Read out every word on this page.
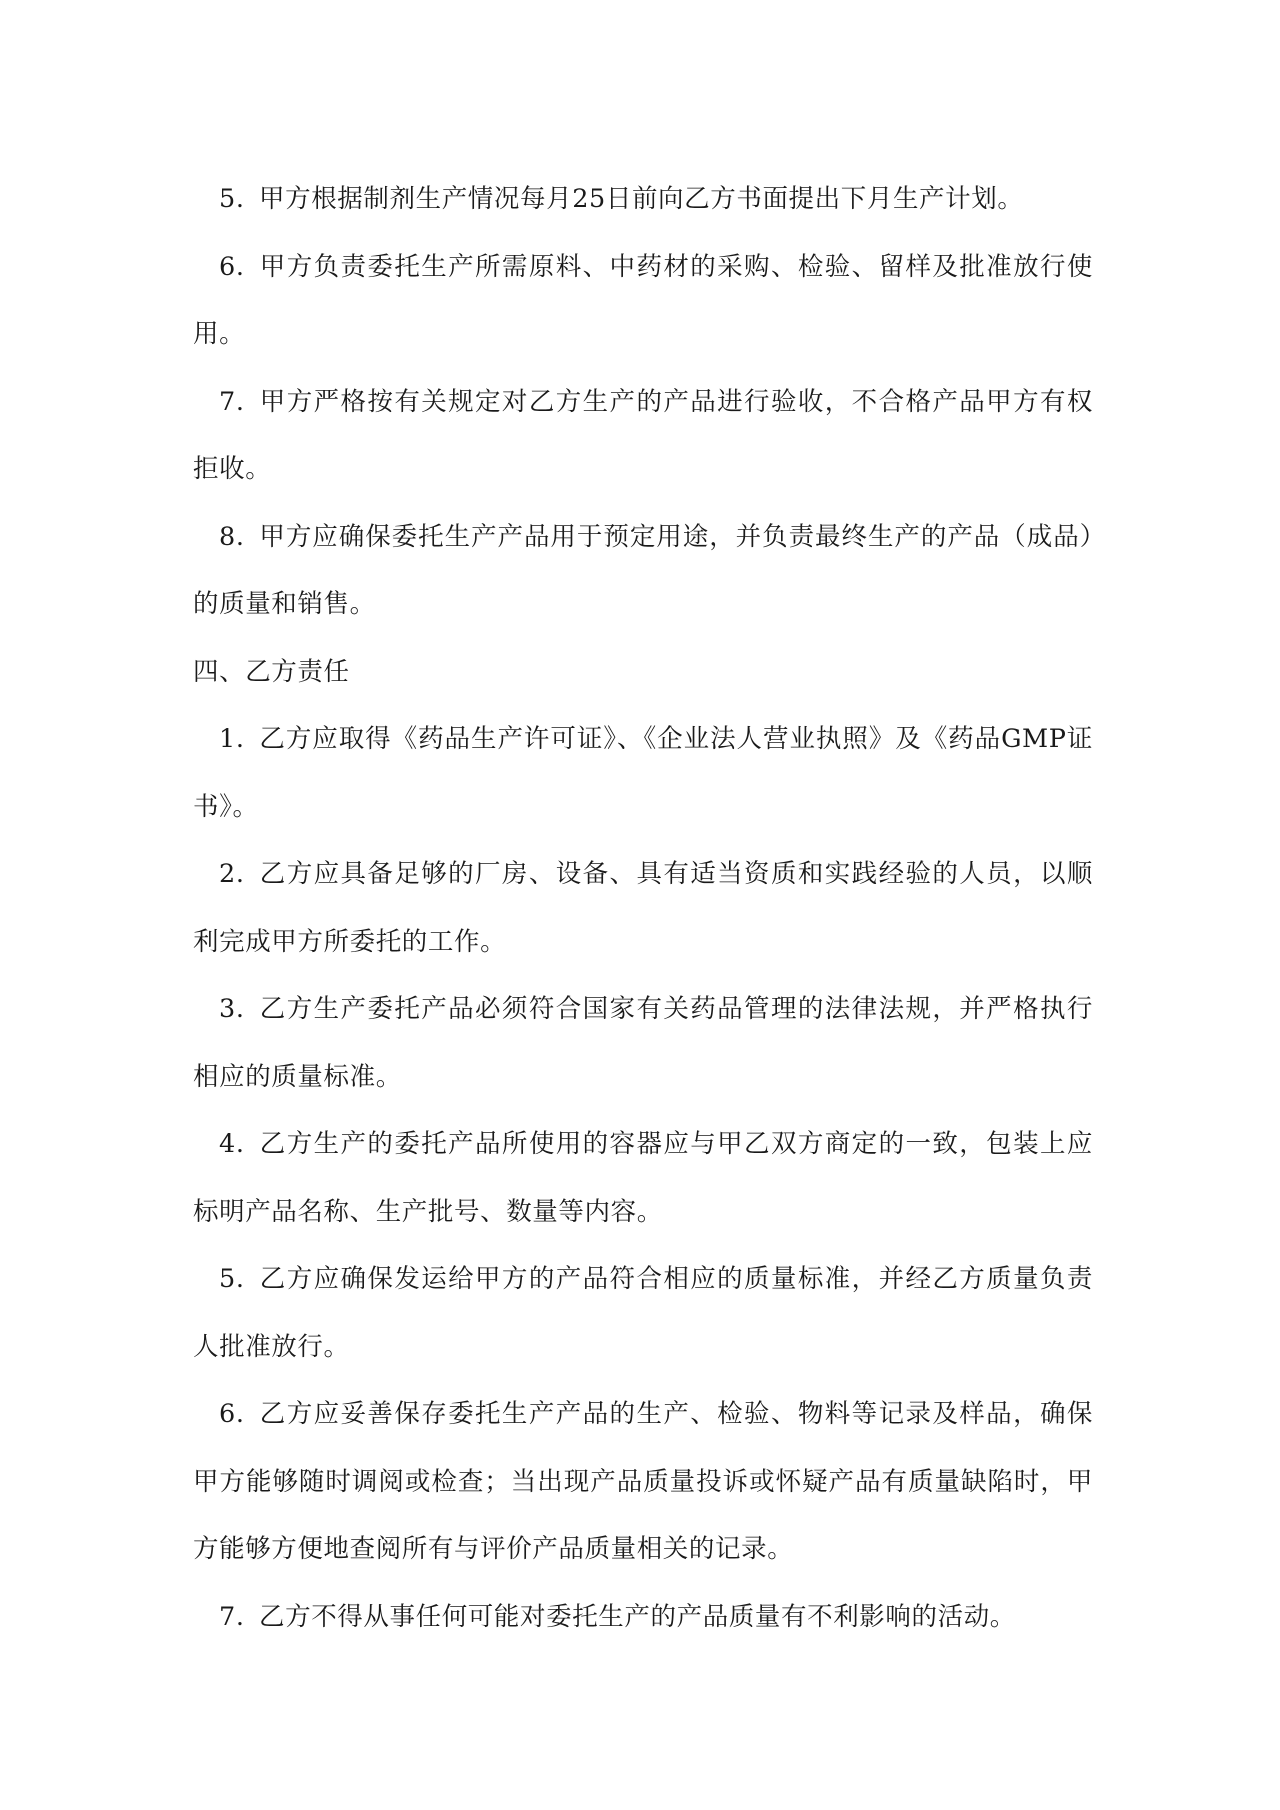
5. 甲方根据制剂生产情况每月25日前向乙方书面提出下月生产计划。

6. 甲方负责委托生产所需原料、中药材的采购、检验、留样及批准放行使用。

7. 甲方严格按有关规定对乙方生产的产品进行验收，不合格产品甲方有权拒收。

8. 甲方应确保委托生产产品用于预定用途，并负责最终生产的产品（成品）的质量和销售。

四、乙方责任

1. 乙方应取得《药品生产许可证》、《企业法人营业执照》及《药品GMP证书》。

2. 乙方应具备足够的厂房、设备、具有适当资质和实践经验的人员，以顺利完成甲方所委托的工作。

3. 乙方生产委托产品必须符合国家有关药品管理的法律法规，并严格执行相应的质量标准。

4. 乙方生产的委托产品所使用的容器应与甲乙双方商定的一致，包装上应标明产品名称、生产批号、数量等内容。

5. 乙方应确保发运给甲方的产品符合相应的质量标准，并经乙方质量负责人批准放行。

6. 乙方应妥善保存委托生产产品的生产、检验、物料等记录及样品，确保甲方能够随时调阅或检查；当出现产品质量投诉或怀疑产品有质量缺陷时，甲方能够方便地查阅所有与评价产品质量相关的记录。

7. 乙方不得从事任何可能对委托生产的产品质量有不利影响的活动。
